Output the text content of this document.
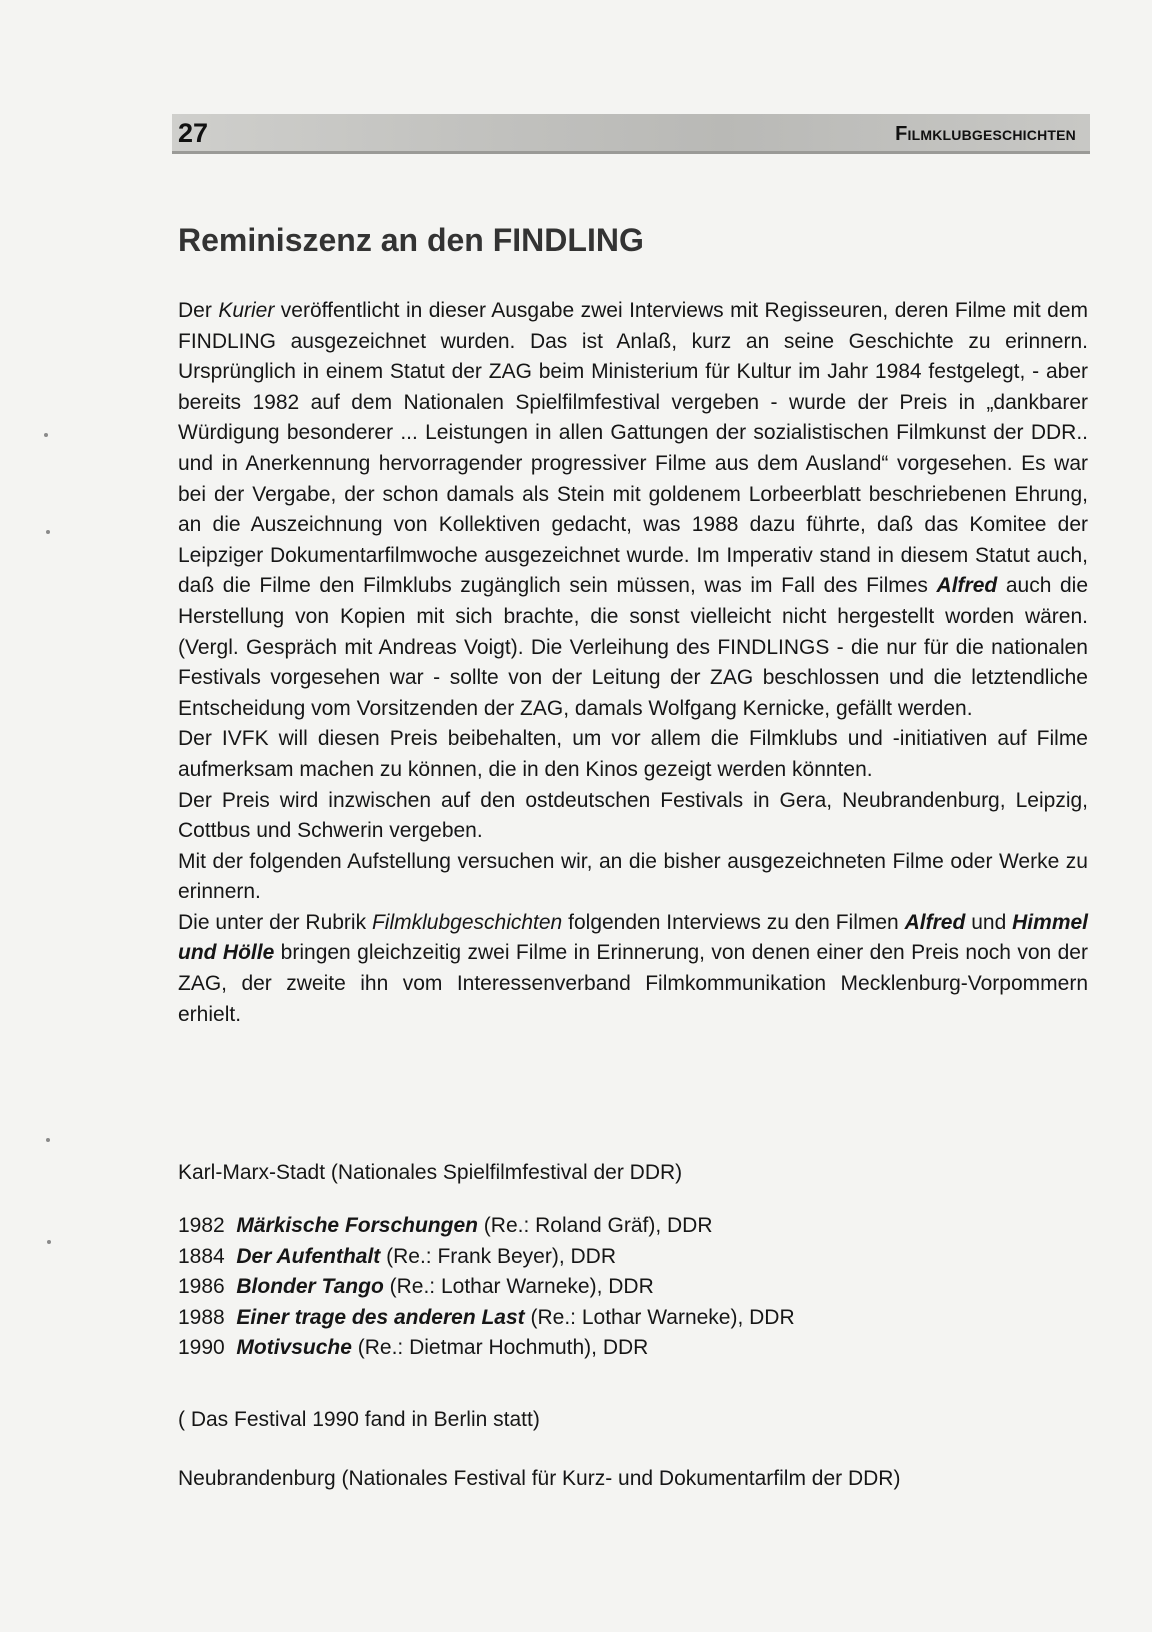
27	Filmklubgeschichten
Reminiszenz an den FINDLING

Der Kurier veröffentlicht in dieser Ausgabe zwei Interviews mit Regisseuren, deren Filme mit dem FINDLING ausgezeichnet wurden. Das ist Anlaß, kurz an seine Geschichte zu erinnern. Ursprünglich in einem Statut der ZAG beim Ministerium für Kultur im Jahr 1984 festgelegt, - aber bereits 1982 auf dem Nationalen Spielfilmfestival vergeben - wurde der Preis in „dankbarer Würdigung besonderer ... Leistungen in allen Gattungen der sozialistischen Filmkunst der DDR.. und in Anerkennung hervorragender progressiver Filme aus dem Ausland“ vorgesehen. Es war bei der Vergabe, der schon damals als Stein mit goldenem Lorbeerblatt beschriebenen Ehrung, an die Auszeichnung von Kollektiven gedacht, was 1988 dazu führte, daß das Komitee der Leipziger Dokumentarfilmwoche ausgezeichnet wurde. Im Imperativ stand in diesem Statut auch, daß die Filme den Filmklubs zugänglich sein müssen, was im Fall des Filmes Alfred auch die Herstellung von Kopien mit sich brachte, die sonst vielleicht nicht hergestellt worden wären. (Vergl. Gespräch mit Andreas Voigt). Die Verleihung des FINDLINGS - die nur für die nationalen Festivals vorgesehen war - sollte von der Leitung der ZAG beschlossen und die letztendliche Entscheidung vom Vorsitzenden der ZAG, damals Wolfgang Kernicke, gefällt werden.

Der IVFK will diesen Preis beibehalten, um vor allem die Filmklubs und -initiativen auf Filme aufmerksam machen zu können, die in den Kinos gezeigt werden könnten.

Der Preis wird inzwischen auf den ostdeutschen Festivals in Gera, Neubrandenburg, Leipzig, Cottbus und Schwerin vergeben.

Mit der folgenden Aufstellung versuchen wir, an die bisher ausgezeichneten Filme oder Werke zu erinnern.

Die unter der Rubrik Filmklubgeschichten folgenden Interviews zu den Filmen Alfred und Himmel und Hölle bringen gleichzeitig zwei Filme in Erinnerung, von denen einer den Preis noch von der ZAG, der zweite ihn vom Interessenverband Filmkommunikation Mecklenburg-Vorpommern erhielt.

Karl-Marx-Stadt (Nationales Spielfilmfestival der DDR)
1982 Märkische Forschungen (Re.: Roland Gräf), DDR
1884 Der Aufenthalt (Re.: Frank Beyer), DDR
1986 Blonder Tango (Re.: Lothar Warneke), DDR
1988 Einer trage des anderen Last (Re.: Lothar Warneke), DDR
1990 Motivsuche (Re.: Dietmar Hochmuth), DDR
( Das Festival 1990 fand in Berlin statt)
Neubrandenburg (Nationales Festival für Kurz- und Dokumentarfilm der DDR)
